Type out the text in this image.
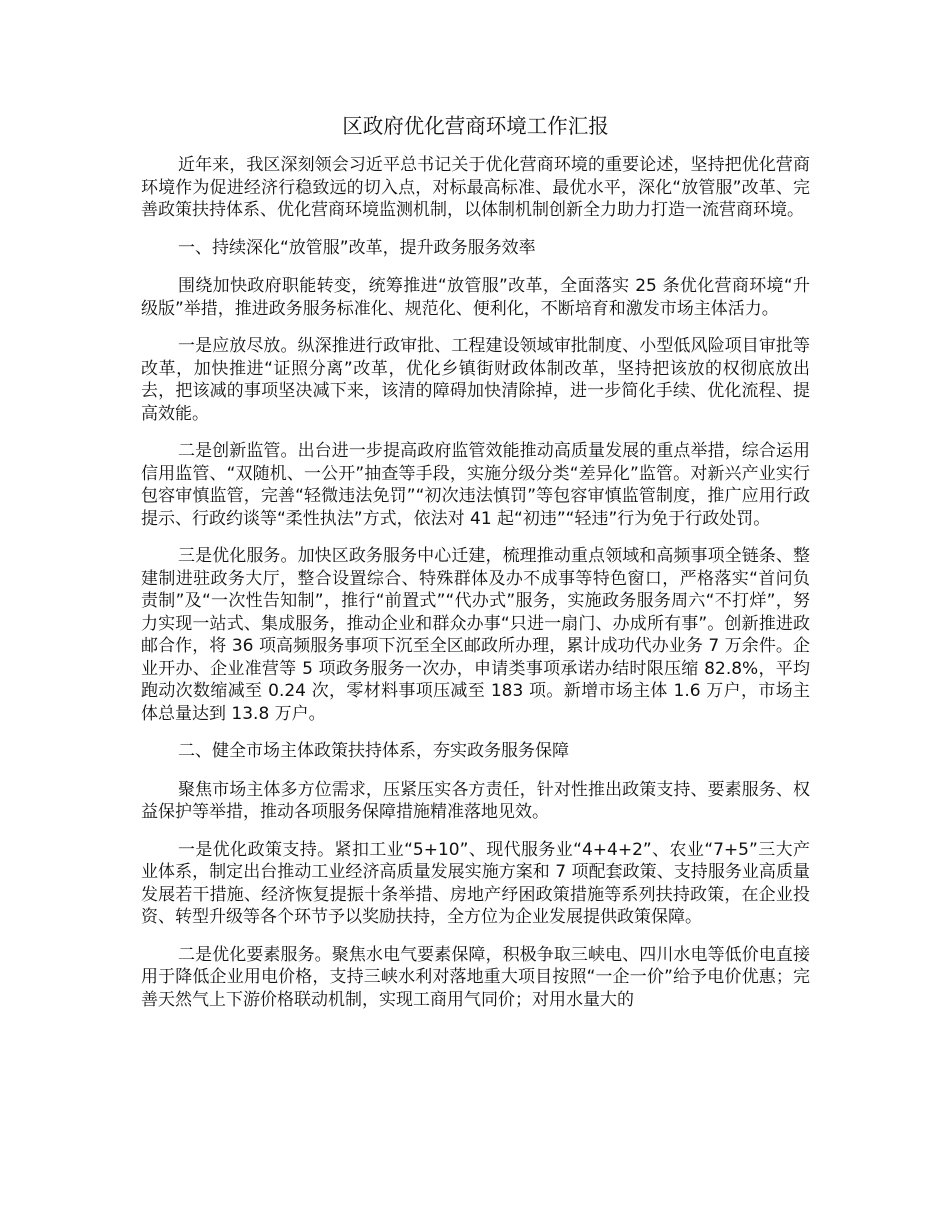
区政府优化营商环境工作汇报

近年来，我区深刻领会习近平总书记关于优化营商环境的重要论述，坚持把优化营商环境作为促进经济行稳致远的切入点，对标最高标准、最优水平，深化“放管服”改革、完善政策扶持体系、优化营商环境监测机制，以体制机制创新全力助力打造一流营商环境。

一、持续深化“放管服”改革，提升政务服务效率

围绕加快政府职能转变，统筹推进“放管服”改革，全面落实 25 条优化营商环境“升级版”举措，推进政务服务标准化、规范化、便利化，不断培育和激发市场主体活力。

一是应放尽放。纵深推进行政审批、工程建设领域审批制度、小型低风险项目审批等改革，加快推进“证照分离”改革，优化乡镇街财政体制改革，坚持把该放的权彻底放出去，把该减的事项坚决减下来，该清的障碍加快清除掉，进一步简化手续、优化流程、提高效能。

二是创新监管。出台进一步提高政府监管效能推动高质量发展的重点举措，综合运用信用监管、“双随机、一公开”抽查等手段，实施分级分类“差异化”监管。对新兴产业实行包容审慎监管，完善“轻微违法免罚”“初次违法慎罚”等包容审慎监管制度，推广应用行政提示、行政约谈等“柔性执法”方式，依法对 41 起“初违”“轻违”行为免于行政处罚。

三是优化服务。加快区政务服务中心迁建，梳理推动重点领域和高频事项全链条、整建制进驻政务大厅，整合设置综合、特殊群体及办不成事等特色窗口，严格落实“首问负责制”及“一次性告知制”，推行“前置式”“代办式”服务，实施政务服务周六“不打烊”，努力实现一站式、集成服务，推动企业和群众办事“只进一扇门、办成所有事”。创新推进政邮合作，将 36 项高频服务事项下沉至全区邮政所办理，累计成功代办业务 7 万余件。企业开办、企业准营等 5 项政务服务一次办，申请类事项承诺办结时限压缩 82.8%，平均跑动次数缩减至 0.24 次，零材料事项压减至 183 项。新增市场主体 1.6 万户，市场主体总量达到 13.8 万户。

二、健全市场主体政策扶持体系，夯实政务服务保障

聚焦市场主体多方位需求，压紧压实各方责任，针对性推出政策支持、要素服务、权益保护等举措，推动各项服务保障措施精准落地见效。

一是优化政策支持。紧扣工业“5+10”、现代服务业“4+4+2”、农业“7+5”三大产业体系，制定出台推动工业经济高质量发展实施方案和 7 项配套政策、支持服务业高质量发展若干措施、经济恢复提振十条举措、房地产纾困政策措施等系列扶持政策，在企业投资、转型升级等各个环节予以奖励扶持，全方位为企业发展提供政策保障。

二是优化要素服务。聚焦水电气要素保障，积极争取三峡电、四川水电等低价电直接用于降低企业用电价格，支持三峡水利对落地重大项目按照“一企一价”给予电价优惠；完善天然气上下游价格联动机制，实现工商用气同价；对用水量大的
